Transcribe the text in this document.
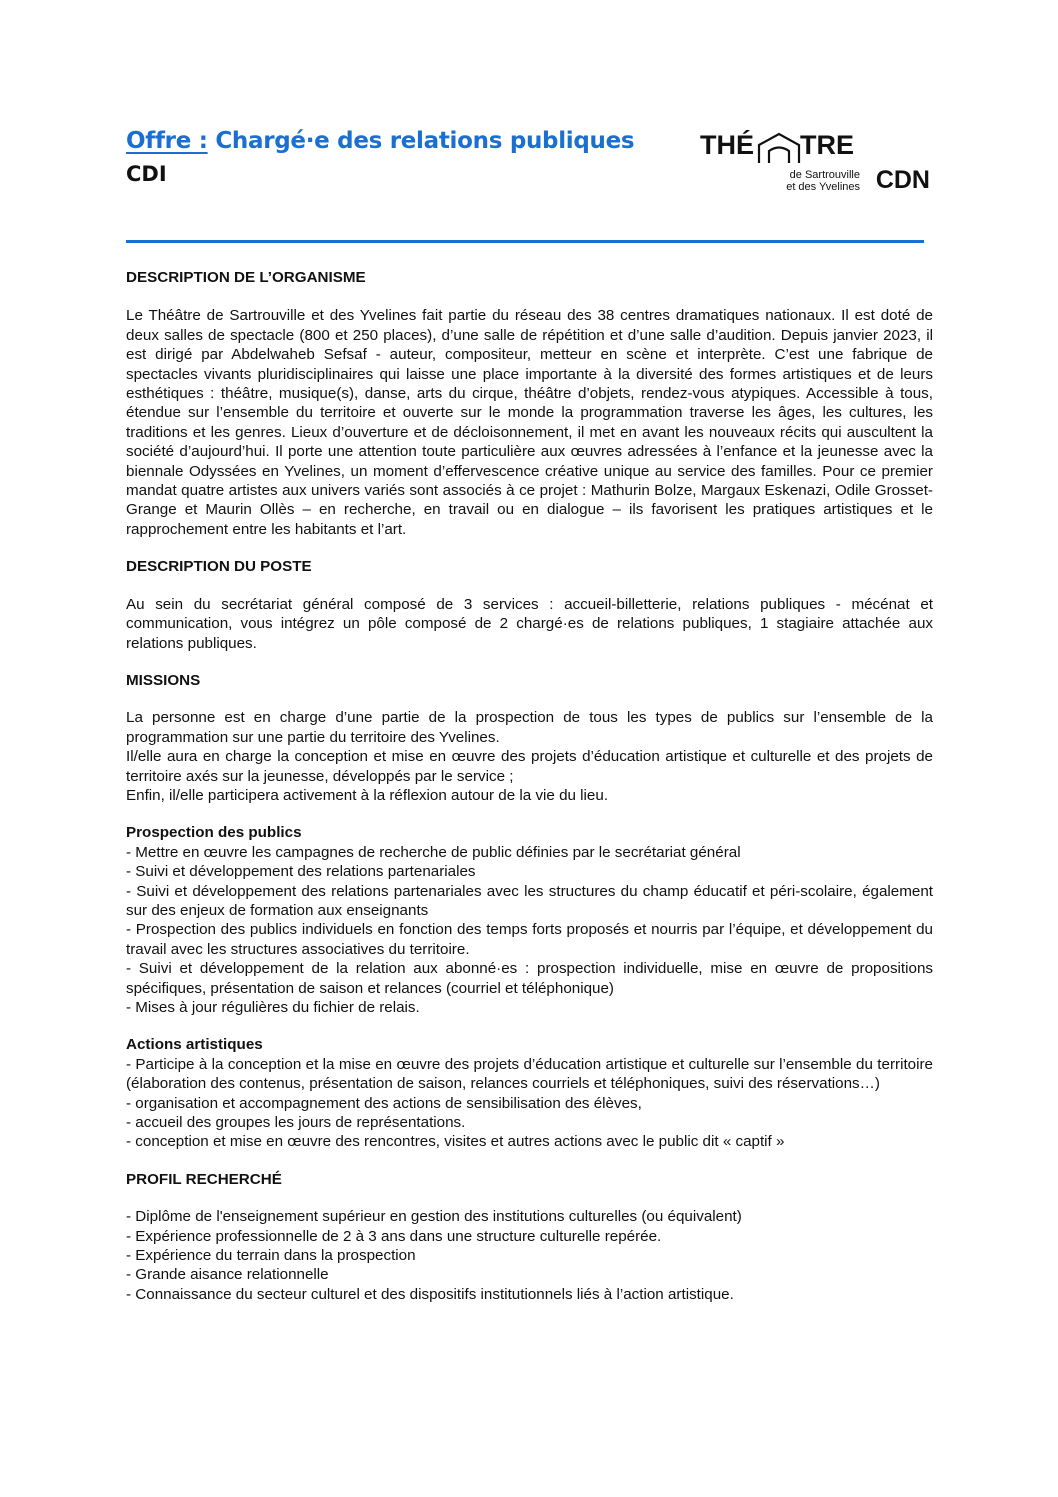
Offre : Chargé·e des relations publiques
CDI
THÉ TRE
de Sartrouville
et des Yvelines CDN
DESCRIPTION DE L’ORGANISME

Le Théâtre de Sartrouville et des Yvelines fait partie du réseau des 38 centres dramatiques nationaux. Il est doté de deux salles de spectacle (800 et 250 places), d’une salle de répétition et d’une salle d’audition. Depuis janvier 2023, il est dirigé par Abdelwaheb Sefsaf - auteur, compositeur, metteur en scène et interprète. C’est une fabrique de spectacles vivants pluridisciplinaires qui laisse une place importante à la diversité des formes artistiques et de leurs esthétiques : théâtre, musique(s), danse, arts du cirque, théâtre d’objets, rendez-vous atypiques. Accessible à tous, étendue sur l’ensemble du territoire et ouverte sur le monde la programmation traverse les âges, les cultures, les traditions et les genres. Lieux d’ouverture et de décloisonnement, il met en avant les nouveaux récits qui auscultent la société d’aujourd’hui. Il porte une attention toute particulière aux œuvres adressées à l’enfance et la jeunesse avec la biennale Odyssées en Yvelines, un moment d’effervescence créative unique au service des familles. Pour ce premier mandat quatre artistes aux univers variés sont associés à ce projet : Mathurin Bolze, Margaux Eskenazi, Odile Grosset-Grange et Maurin Ollès – en recherche, en travail ou en dialogue – ils favorisent les pratiques artistiques et le rapprochement entre les habitants et l’art.

DESCRIPTION DU POSTE

Au sein du secrétariat général composé de 3 services : accueil-billetterie, relations publiques - mécénat et communication, vous intégrez un pôle composé de 2 chargé·es de relations publiques, 1 stagiaire attachée aux relations publiques.

MISSIONS

La personne est en charge d’une partie de la prospection de tous les types de publics sur l’ensemble de la programmation sur une partie du territoire des Yvelines.

Il/elle aura en charge la conception et mise en œuvre des projets d’éducation artistique et culturelle et des projets de territoire axés sur la jeunesse, développés par le service ;

Enfin, il/elle participera activement à la réflexion autour de la vie du lieu.

Prospection des publics

- Mettre en œuvre les campagnes de recherche de public définies par le secrétariat général

- Suivi et développement des relations partenariales

- Suivi et développement des relations partenariales avec les structures du champ éducatif et péri-scolaire, également sur des enjeux de formation aux enseignants

- Prospection des publics individuels en fonction des temps forts proposés et nourris par l’équipe, et développement du travail avec les structures associatives du territoire.

- Suivi et développement de la relation aux abonné·es : prospection individuelle, mise en œuvre de propositions spécifiques, présentation de saison et relances (courriel et téléphonique)

- Mises à jour régulières du fichier de relais.

Actions artistiques

- Participe à la conception et la mise en œuvre des projets d’éducation artistique et culturelle sur l’ensemble du territoire (élaboration des contenus, présentation de saison, relances courriels et téléphoniques, suivi des réservations…)

- organisation et accompagnement des actions de sensibilisation des élèves,

- accueil des groupes les jours de représentations.

- conception et mise en œuvre des rencontres, visites et autres actions avec le public dit « captif »

PROFIL RECHERCHÉ

- Diplôme de l'enseignement supérieur en gestion des institutions culturelles (ou équivalent)

- Expérience professionnelle de 2 à 3 ans dans une structure culturelle repérée.

- Expérience du terrain dans la prospection

- Grande aisance relationnelle

- Connaissance du secteur culturel et des dispositifs institutionnels liés à l’action artistique.
